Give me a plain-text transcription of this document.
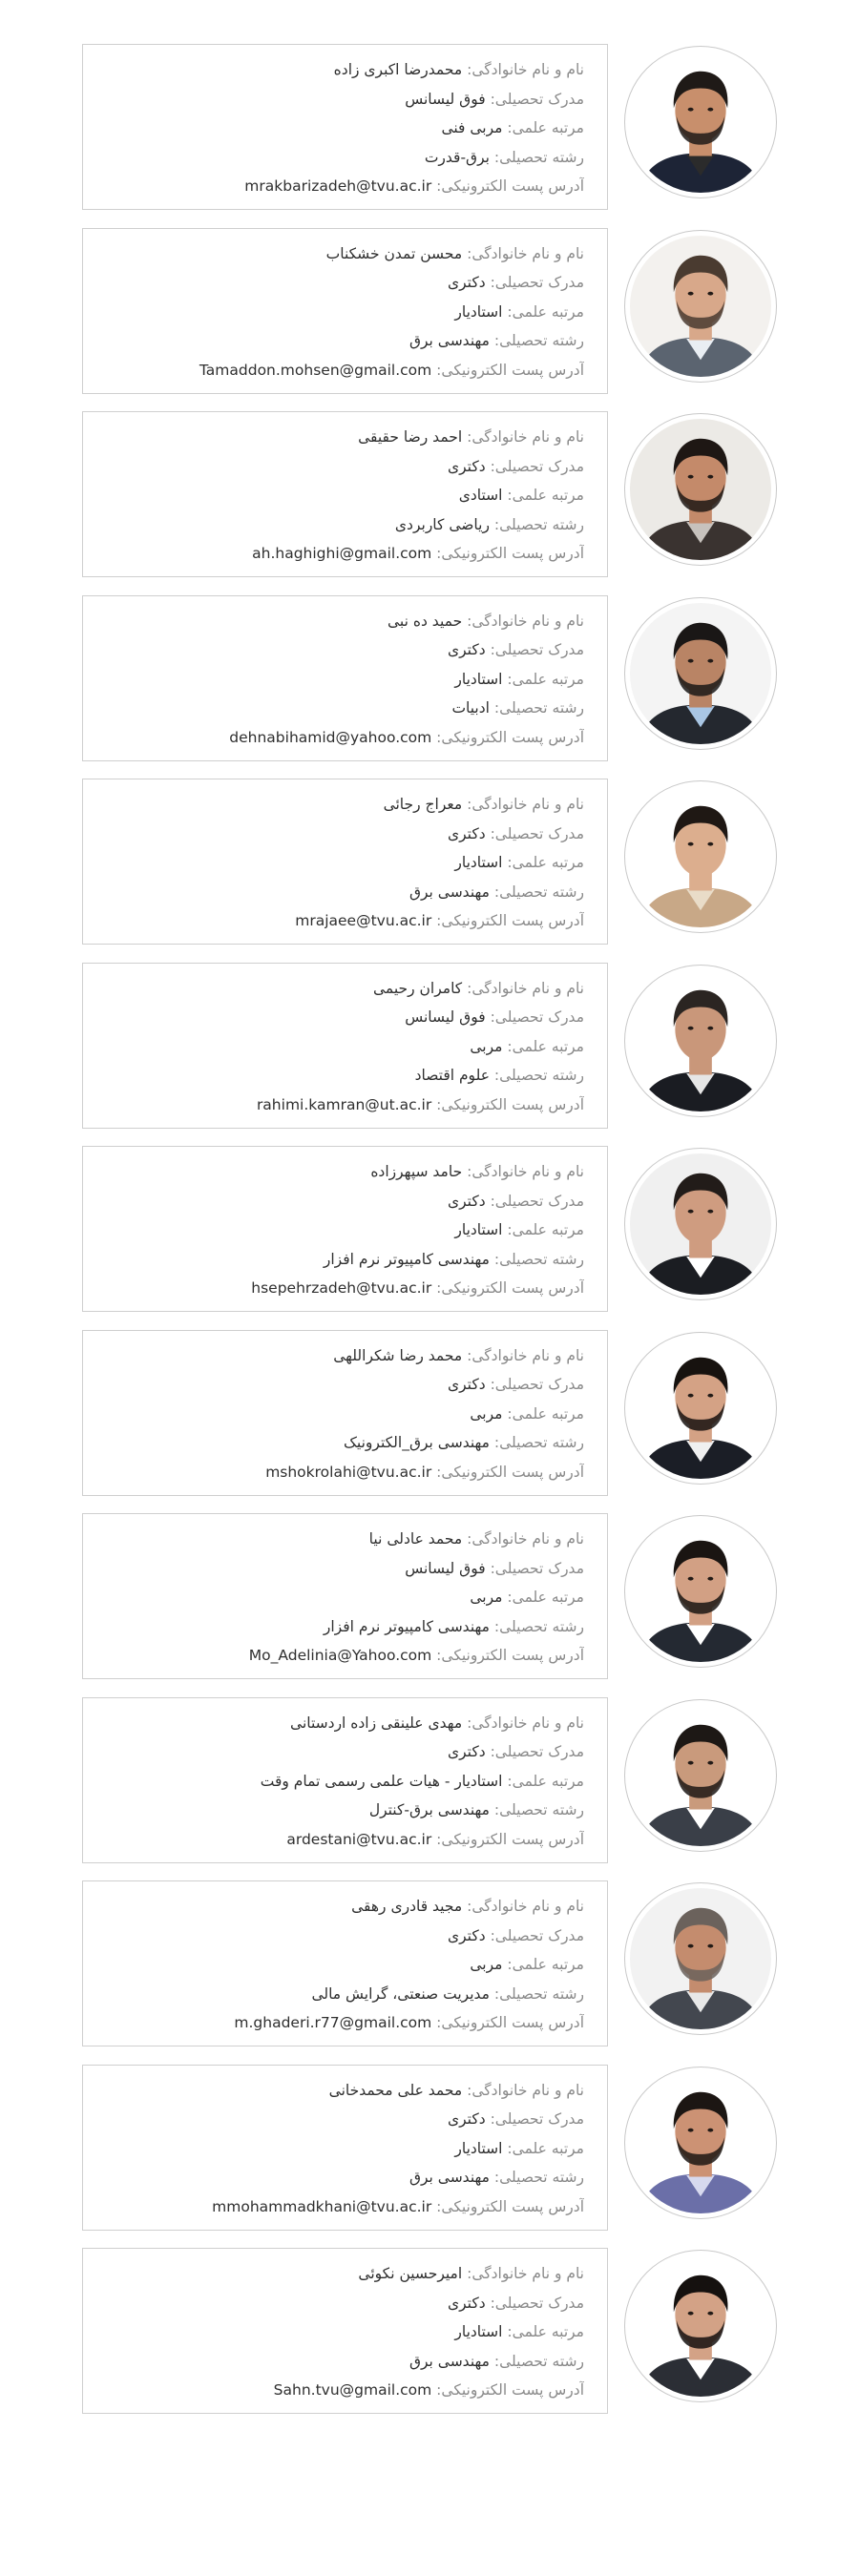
نام و نام خانوادگی: محمدرضا اکبری زاده
مدرک تحصیلی: فوق لیسانس
مرتبه علمی: مربی فنی
رشته تحصیلی: برق-قدرت
آدرس پست الکترونیکی: mrakbarizadeh@tvu.ac.ir
نام و نام خانوادگی: محسن تمدن خشکناب
مدرک تحصیلی: دکتری
مرتبه علمی: استادیار
رشته تحصیلی: مهندسی برق
آدرس پست الکترونیکی: Tamaddon.mohsen@gmail.com
نام و نام خانوادگی: احمد رضا حقیقی
مدرک تحصیلی: دکتری
مرتبه علمی: استادی
رشته تحصیلی: ریاضی کاربردی
آدرس پست الکترونیکی: ah.haghighi@gmail.com
نام و نام خانوادگی: حمید ده نبی
مدرک تحصیلی: دکتری
مرتبه علمی: استادیار
رشته تحصیلی: ادبیات
آدرس پست الکترونیکی: dehnabihamid@yahoo.com
نام و نام خانوادگی: معراج رجائی
مدرک تحصیلی: دکتری
مرتبه علمی: استادیار
رشته تحصیلی: مهندسی برق
آدرس پست الکترونیکی: mrajaee@tvu.ac.ir
نام و نام خانوادگی: کامران رحیمی
مدرک تحصیلی: فوق لیسانس
مرتبه علمی: مربی
رشته تحصیلی: علوم اقتصاد
آدرس پست الکترونیکی: rahimi.kamran@ut.ac.ir
نام و نام خانوادگی: حامد سپهرزاده
مدرک تحصیلی: دکتری
مرتبه علمی: استادیار
رشته تحصیلی: مهندسی کامپیوتر نرم افزار
آدرس پست الکترونیکی: hsepehrzadeh@tvu.ac.ir
نام و نام خانوادگی: محمد رضا شکراللهی
مدرک تحصیلی: دکتری
مرتبه علمی: مربی
رشته تحصیلی: مهندسی برق_الکترونیک
آدرس پست الکترونیکی: mshokrolahi@tvu.ac.ir
نام و نام خانوادگی: محمد عادلی نیا
مدرک تحصیلی: فوق لیسانس
مرتبه علمی: مربی
رشته تحصیلی: مهندسی کامپیوتر نرم افزار
آدرس پست الکترونیکی: Mo_Adelinia@Yahoo.com
نام و نام خانوادگی: مهدی علینقی زاده اردستانی
مدرک تحصیلی: دکتری
مرتبه علمی: استادیار - هیات علمی رسمی تمام وقت
رشته تحصیلی: مهندسی برق-کنترل
آدرس پست الکترونیکی: ardestani@tvu.ac.ir
نام و نام خانوادگی: مجید قادری رهقی
مدرک تحصیلی: دکتری
مرتبه علمی: مربی
رشته تحصیلی: مدیریت صنعتی، گرایش مالی
آدرس پست الکترونیکی: m.ghaderi.r77@gmail.com
نام و نام خانوادگی: محمد علی محمدخانی
مدرک تحصیلی: دکتری
مرتبه علمی: استادیار
رشته تحصیلی: مهندسی برق
آدرس پست الکترونیکی: mmohammadkhani@tvu.ac.ir
نام و نام خانوادگی: امیرحسین نکوئی
مدرک تحصیلی: دکتری
مرتبه علمی: استادیار
رشته تحصیلی: مهندسی برق
آدرس پست الکترونیکی: Sahn.tvu@gmail.com
